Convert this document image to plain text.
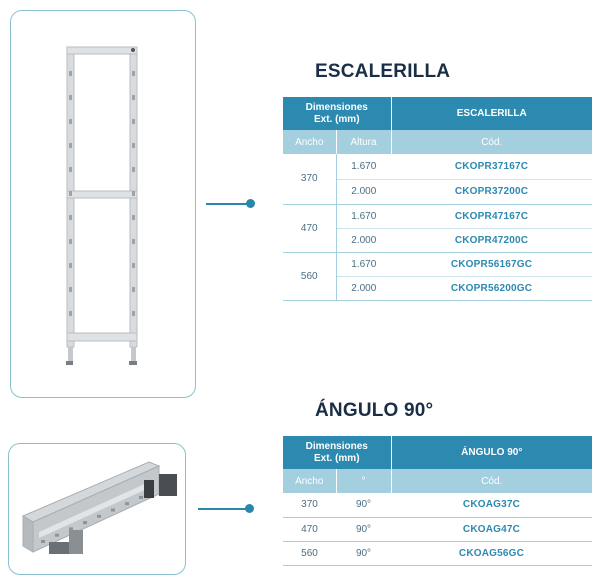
ESCALERILLA
ÁNGULO 90°
Dimensiones
Ext. (mm)		ESCALERILLA
Ancho	Altura	Cód.
370	1.670	CKOPR37167C
	2.000	CKOPR37200C
470	1.670	CKOPR47167C
	2.000	CKOPR47200C
560	1.670	CKOPR56167GC
	2.000	CKOPR56200GC
Dimensiones
Ext. (mm)		ÁNGULO 90°
Ancho	°	Cód.
370	90°	CKOAG37C
470	90°	CKOAG47C
560	90°	CKOAG56GC
